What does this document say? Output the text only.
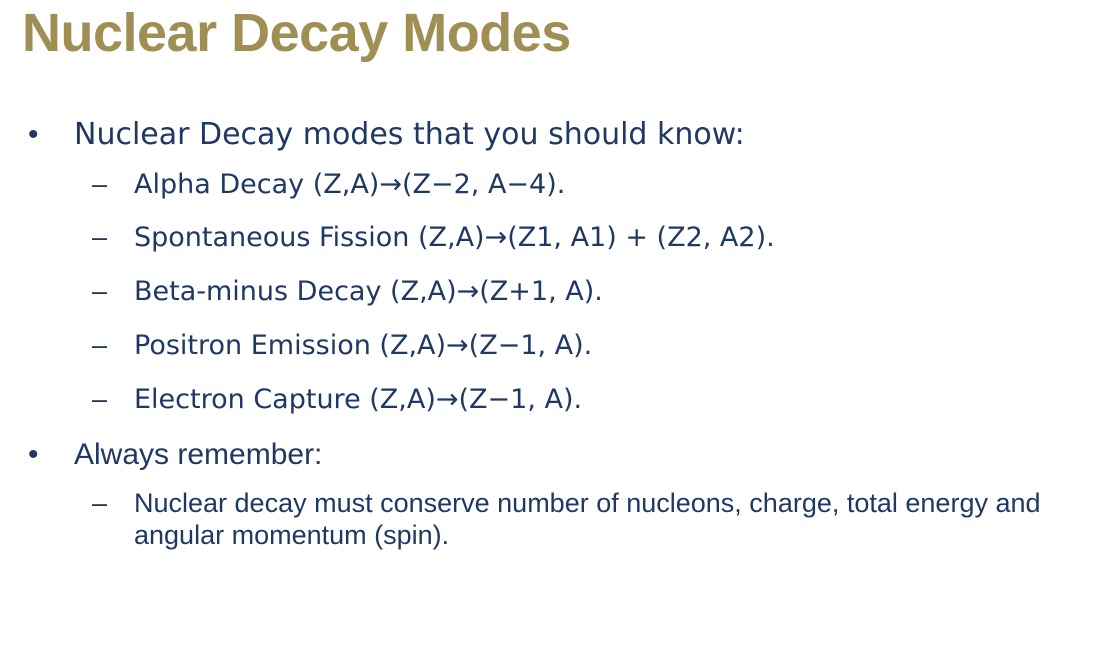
Nuclear Decay Modes
•	Nuclear Decay modes that you should know:
– Alpha Decay (Z,A)→(Z−2, A−4).
– Spontaneous Fission (Z,A)→(Z1, A1) + (Z2, A2).
– Beta-minus Decay (Z,A)→(Z+1, A).
– Positron Emission (Z,A)→(Z−1, A).
– Electron Capture (Z,A)→(Z−1, A).
•	Always remember:
– Nuclear decay must conserve number of nucleons, charge, total energy and angular momentum (spin).
